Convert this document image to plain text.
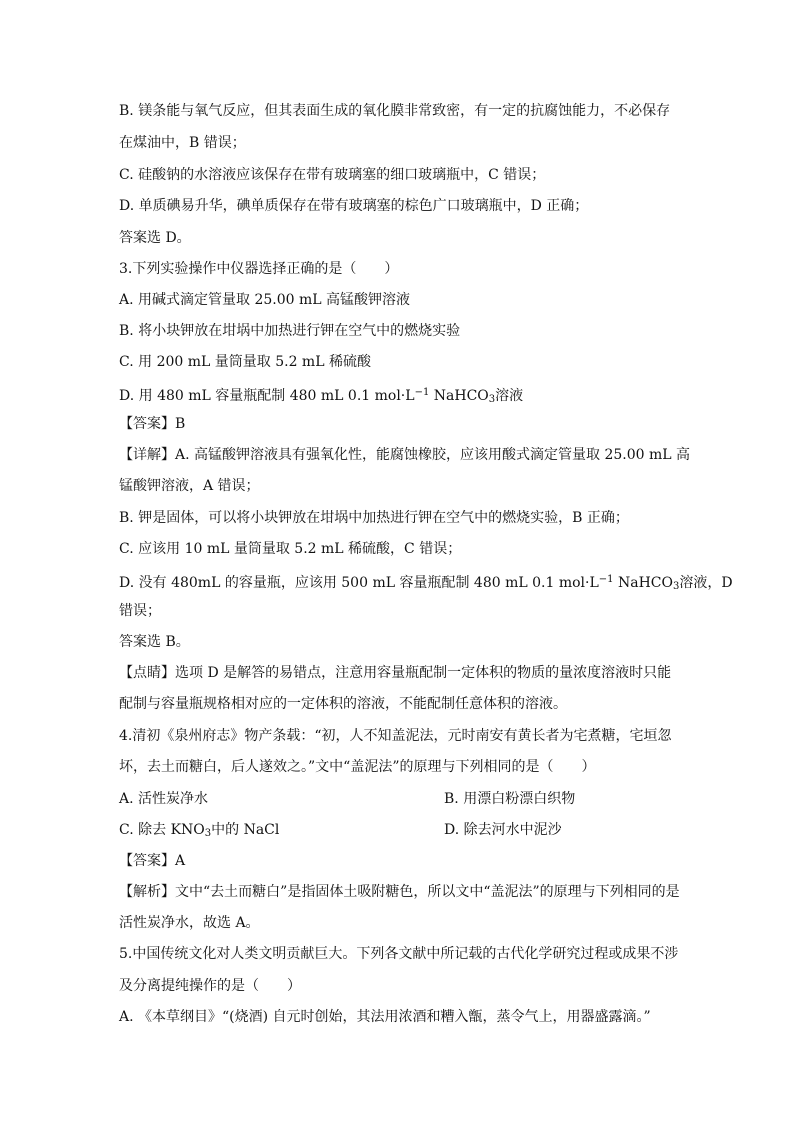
B. 镁条能与氧气反应，但其表面生成的氧化膜非常致密，有一定的抗腐蚀能力，不必保存
在煤油中，B 错误；
C. 硅酸钠的水溶液应该保存在带有玻璃塞的细口玻璃瓶中，C 错误；
D. 单质碘易升华，碘单质保存在带有玻璃塞的棕色广口玻璃瓶中，D 正确；
答案选 D。
3.下列实验操作中仪器选择正确的是（　　）
A. 用碱式滴定管量取 25.00 mL 高锰酸钾溶液
B. 将小块钾放在坩埚中加热进行钾在空气中的燃烧实验
C. 用 200 mL 量筒量取 5.2 mL 稀硫酸
D. 用 480 mL 容量瓶配制 480 mL 0.1 $mol\cdot L^{-1}$ NaHCO$_3$溶液
【答案】B
【详解】A. 高锰酸钾溶液具有强氧化性，能腐蚀橡胶，应该用酸式滴定管量取 25.00 mL 高
锰酸钾溶液，A 错误；
B. 钾是固体，可以将小块钾放在坩埚中加热进行钾在空气中的燃烧实验，B 正确；
C. 应该用 10 mL 量筒量取 5.2 mL 稀硫酸，C 错误；
D. 没有 480mL 的容量瓶，应该用 500 mL 容量瓶配制 480 mL 0.1 $mol\cdot L^{-1}$ NaHCO$_3$溶液，D
错误；
答案选 B。
【点睛】选项 D 是解答的易错点，注意用容量瓶配制一定体积的物质的量浓度溶液时只能
配制与容量瓶规格相对应的一定体积的溶液，不能配制任意体积的溶液。
4.清初《泉州府志》物产条载：“初，人不知盖泥法，元时南安有黄长者为宅煮糖，宅垣忽
坏，去土而糖白，后人遂效之。”文中“盖泥法”的原理与下列相同的是（　　）
A. 活性炭净水	B. 用漂白粉漂白织物
C. 除去 $KNO_3$中的 NaCl	D. 除去河水中泥沙
【答案】A
【解析】文中“去土而糖白”是指固体土吸附糖色，所以文中“盖泥法”的原理与下列相同的是
活性炭净水，故选 A。
5.中国传统文化对人类文明贡献巨大。下列各文献中所记载的古代化学研究过程或成果不涉
及分离提纯操作的是（　　）
A. 《本草纲目》“(烧酒) 自元时创始，其法用浓酒和糟入甑，蒸令气上，用器盛露滴。”
